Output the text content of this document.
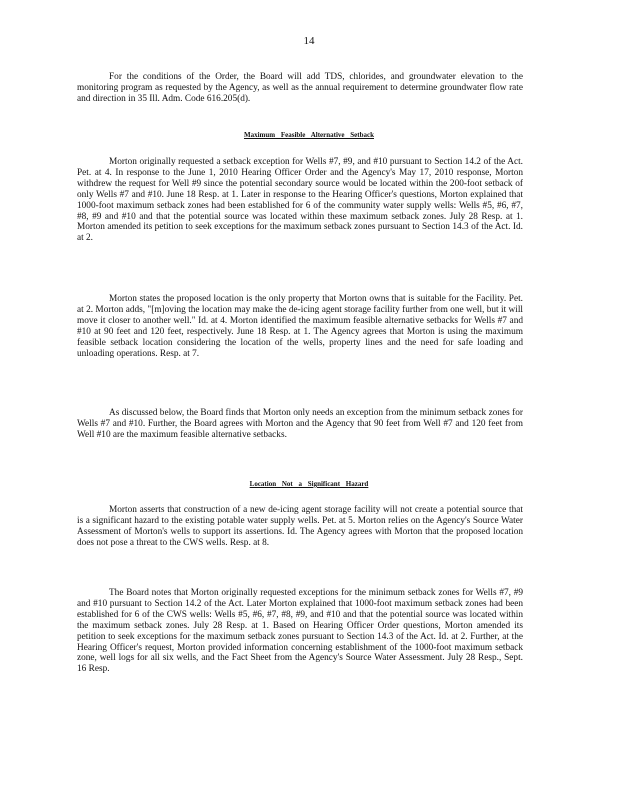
14

For the conditions of the Order, the Board will add TDS, chlorides, and groundwater elevation to the monitoring program as requested by the Agency, as well as the annual requirement to determine groundwater flow rate and direction in 35 Ill. Adm. Code 616.205(d).

Maximum Feasible Alternative Setback

Morton originally requested a setback exception for Wells #7, #9, and #10 pursuant to Section 14.2 of the Act. Pet. at 4. In response to the June 1, 2010 Hearing Officer Order and the Agency's May 17, 2010 response, Morton withdrew the request for Well #9 since the potential secondary source would be located within the 200-foot setback of only Wells #7 and #10. June 18 Resp. at 1. Later in response to the Hearing Officer's questions, Morton explained that 1000-foot maximum setback zones had been established for 6 of the community water supply wells: Wells #5, #6, #7, #8, #9 and #10 and that the potential source was located within these maximum setback zones. July 28 Resp. at 1. Morton amended its petition to seek exceptions for the maximum setback zones pursuant to Section 14.3 of the Act. Id. at 2.

Morton states the proposed location is the only property that Morton owns that is suitable for the Facility. Pet. at 2. Morton adds, "[m]oving the location may make the de-icing agent storage facility further from one well, but it will move it closer to another well." Id. at 4. Morton identified the maximum feasible alternative setbacks for Wells #7 and #10 at 90 feet and 120 feet, respectively. June 18 Resp. at 1. The Agency agrees that Morton is using the maximum feasible setback location considering the location of the wells, property lines and the need for safe loading and unloading operations. Resp. at 7.

As discussed below, the Board finds that Morton only needs an exception from the minimum setback zones for Wells #7 and #10. Further, the Board agrees with Morton and the Agency that 90 feet from Well #7 and 120 feet from Well #10 are the maximum feasible alternative setbacks.

Location Not a Significant Hazard

Morton asserts that construction of a new de-icing agent storage facility will not create a potential source that is a significant hazard to the existing potable water supply wells. Pet. at 5. Morton relies on the Agency's Source Water Assessment of Morton's wells to support its assertions. Id. The Agency agrees with Morton that the proposed location does not pose a threat to the CWS wells. Resp. at 8.

The Board notes that Morton originally requested exceptions for the minimum setback zones for Wells #7, #9 and #10 pursuant to Section 14.2 of the Act. Later Morton explained that 1000-foot maximum setback zones had been established for 6 of the CWS wells: Wells #5, #6, #7, #8, #9, and #10 and that the potential source was located within the maximum setback zones. July 28 Resp. at 1. Based on Hearing Officer Order questions, Morton amended its petition to seek exceptions for the maximum setback zones pursuant to Section 14.3 of the Act. Id. at 2. Further, at the Hearing Officer's request, Morton provided information concerning establishment of the 1000-foot maximum setback zone, well logs for all six wells, and the Fact Sheet from the Agency's Source Water Assessment. July 28 Resp., Sept. 16 Resp.
